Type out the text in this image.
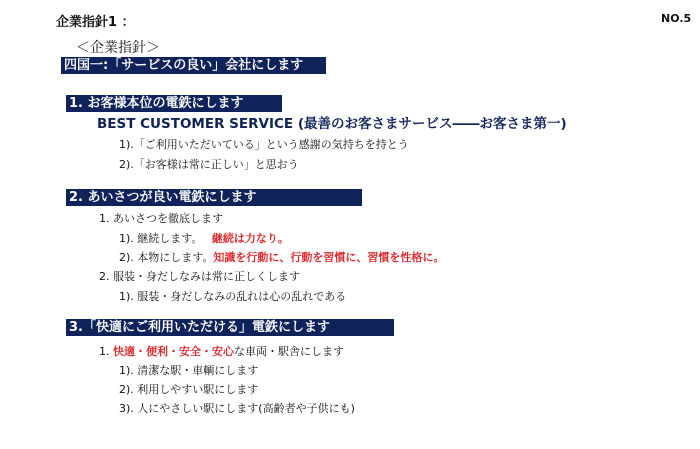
企業指針1 ：	NO.5
＜企業指針＞
四国一:「サービスの良い」会社にします
1. お客様本位の電鉄にします
BEST CUSTOMER SERVICE (最善のお客さまサービス――お客さま第一)
1).「ご利用いただいている」という感謝の気持ちを持とう
2).「お客様は常に正しい」と思おう
2. あいさつが良い電鉄にします
1. あいさつを徹底します
1). 継続します。 継続は力なり。
2). 本物にします。知識を行動に、行動を習慣に、習慣を性格に。
2. 服装・身だしなみは常に正しくします
1). 服装・身だしなみの乱れは心の乱れである
3.「快適にご利用いただける」電鉄にします
1. 快適・便利・安全・安心な車両・駅舎にします
1). 清潔な駅・車輌にします
2). 利用しやすい駅にします
3). 人にやさしい駅にします(高齢者や子供にも)
